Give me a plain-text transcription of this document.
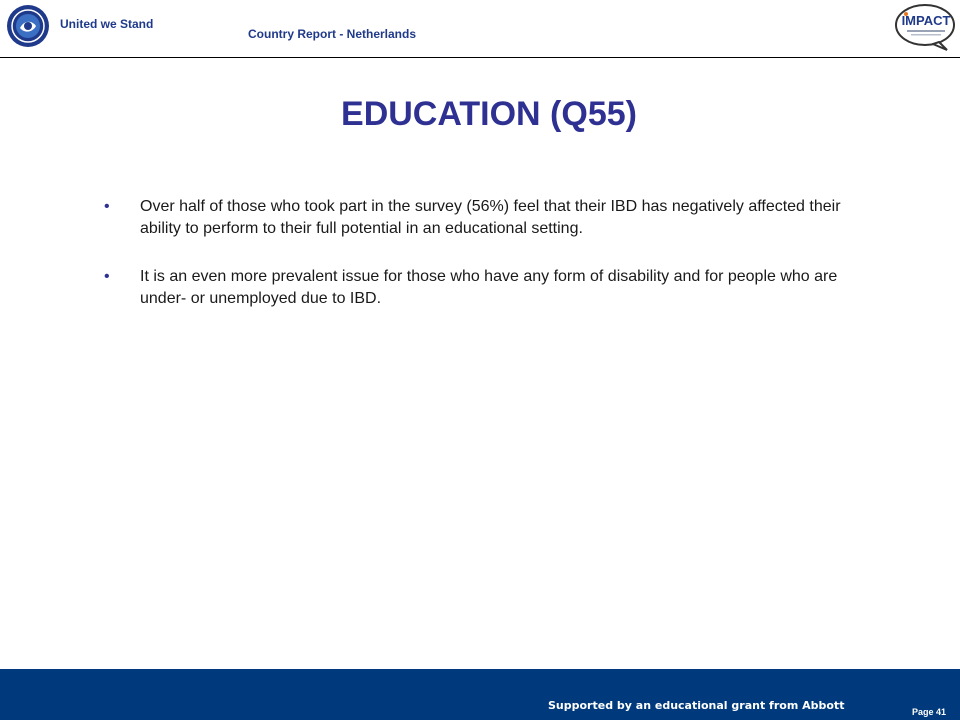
United we Stand
Country Report - Netherlands
IMPACT
EDUCATION (Q55)
• Over half of those who took part in the survey (56%) feel that their IBD has negatively affected their ability to perform to their full potential in an educational setting.
• It is an even more prevalent issue for those who have any form of disability and for people who are under- or unemployed due to IBD.
Supported by an educational grant from Abbott	Page 41
